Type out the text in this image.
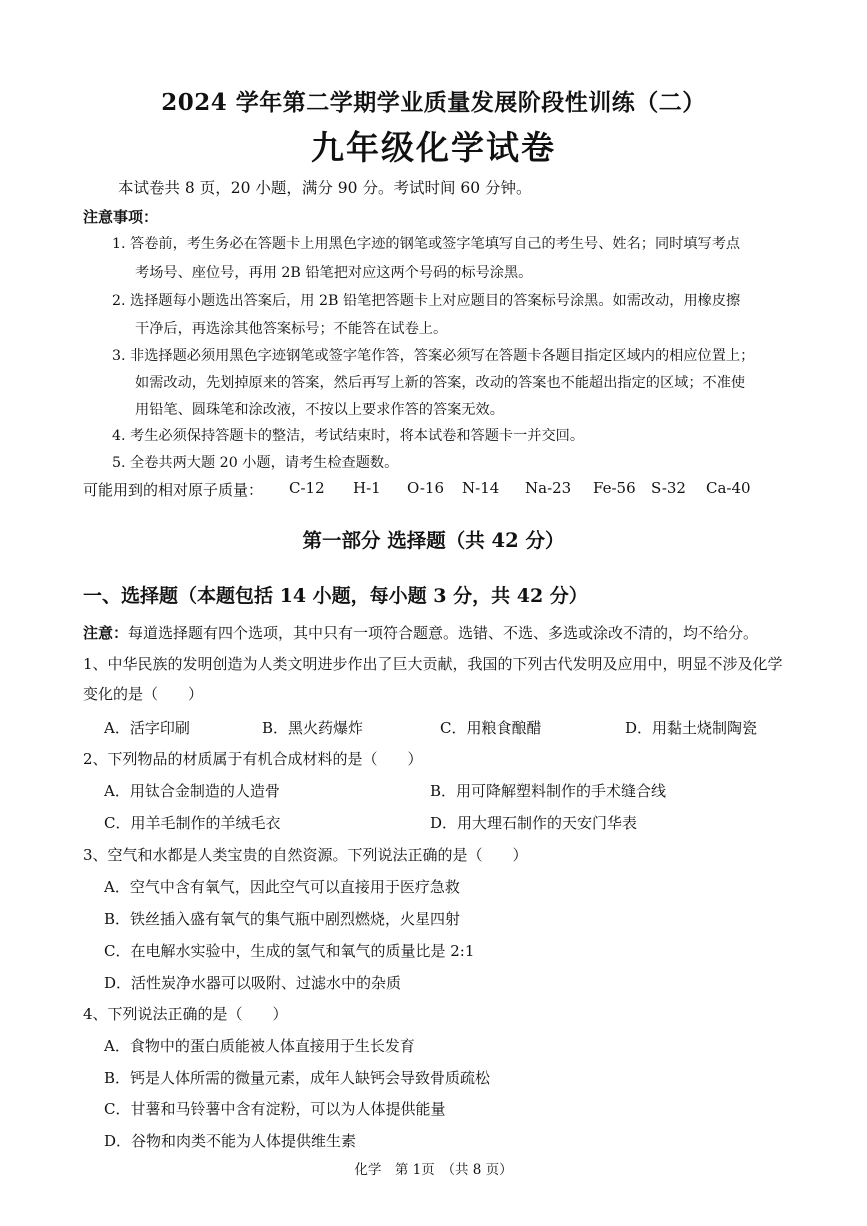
2024 学年第二学期学业质量发展阶段性训练（二）
九年级化学试卷
本试卷共 8 页，20 小题，满分 90 分。考试时间 60 分钟。
注意事项：
1. 答卷前，考生务必在答题卡上用黑色字迹的钢笔或签字笔填写自己的考生号、姓名；同时填写考点
考场号、座位号，再用 2B 铅笔把对应这两个号码的标号涂黑。
2. 选择题每小题选出答案后，用 2B 铅笔把答题卡上对应题目的答案标号涂黑。如需改动，用橡皮擦
干净后，再选涂其他答案标号；不能答在试卷上。
3. 非选择题必须用黑色字迹钢笔或签字笔作答，答案必须写在答题卡各题目指定区域内的相应位置上；
如需改动，先划掉原来的答案，然后再写上新的答案，改动的答案也不能超出指定的区域；不准使
用铅笔、圆珠笔和涂改液，不按以上要求作答的答案无效。
4. 考生必须保持答题卡的整洁，考试结束时，将本试卷和答题卡一并交回。
5. 全卷共两大题 20 小题，请考生检查题数。
可能用到的相对原子质量： C-12 H-1 O-16 N-14 Na-23 Fe-56 S-32 Ca-40
第一部分 选择题（共 42 分）
一、选择题（本题包括 14 小题，每小题 3 分，共 42 分）
注意：每道选择题有四个选项，其中只有一项符合题意。选错、不选、多选或涂改不清的，均不给分。
1、中华民族的发明创造为人类文明进步作出了巨大贡献，我国的下列古代发明及应用中，明显不涉及化学
变化的是（　　）
A．活字印刷	B．黑火药爆炸	C．用粮食酿醋	D．用黏土烧制陶瓷
2、下列物品的材质属于有机合成材料的是（　　）
A．用钛合金制造的人造骨	B．用可降解塑料制作的手术缝合线
C．用羊毛制作的羊绒毛衣	D．用大理石制作的天安门华表
3、空气和水都是人类宝贵的自然资源。下列说法正确的是（　　）
A．空气中含有氧气，因此空气可以直接用于医疗急救
B．铁丝插入盛有氧气的集气瓶中剧烈燃烧，火星四射
C．在电解水实验中，生成的氢气和氧气的质量比是 2:1
D．活性炭净水器可以吸附、过滤水中的杂质
4、下列说法正确的是（　　）
A．食物中的蛋白质能被人体直接用于生长发育
B．钙是人体所需的微量元素，成年人缺钙会导致骨质疏松
C．甘薯和马铃薯中含有淀粉，可以为人体提供能量
D．谷物和肉类不能为人体提供维生素
化学　第 1页　（共 8 页）
